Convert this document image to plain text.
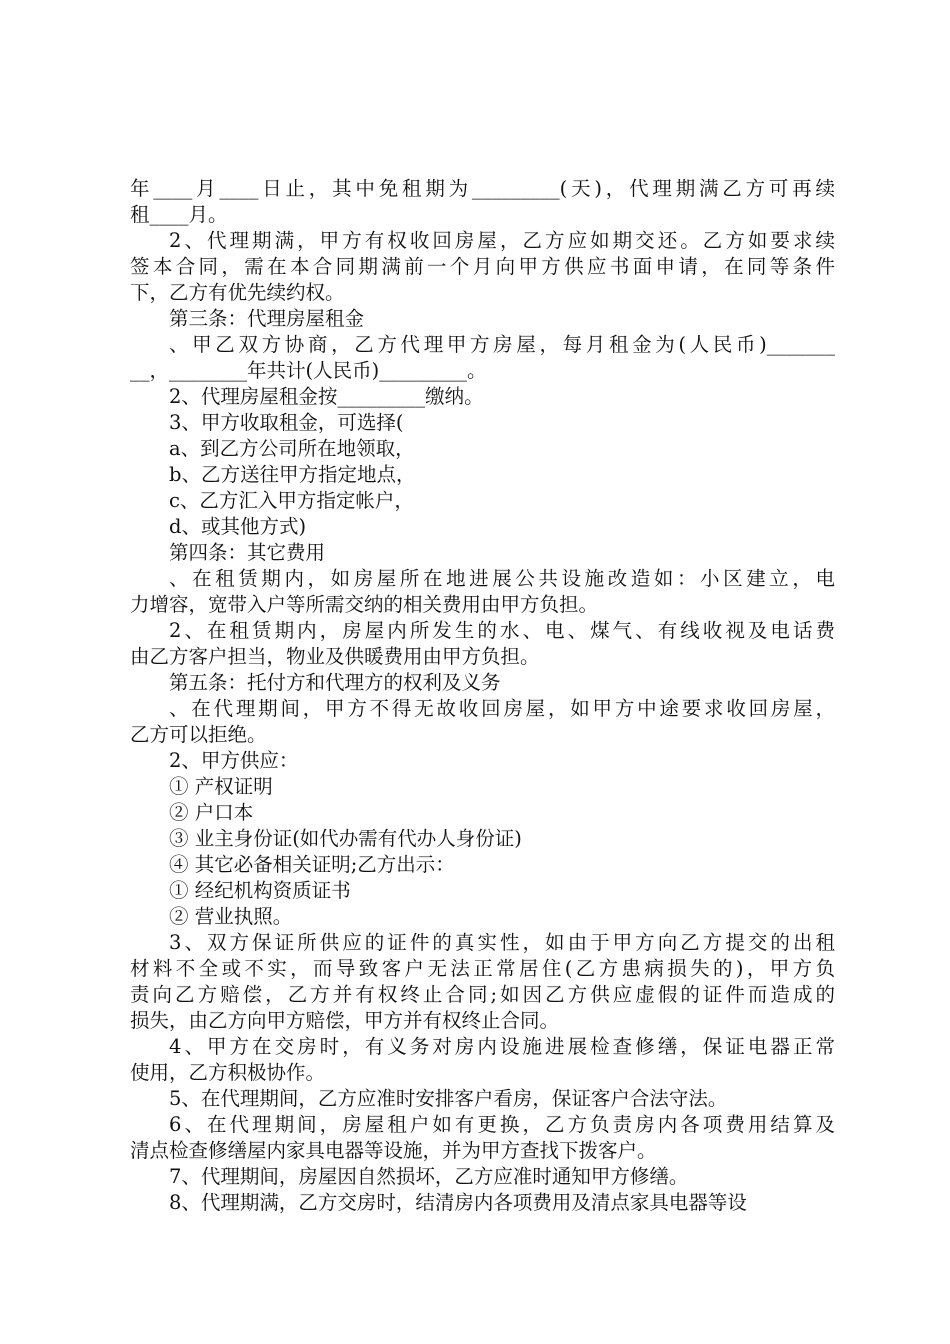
年____月____日止，其中免租期为_________(天)，代理期满乙方可再续
租____月。
2、代理期满，甲方有权收回房屋，乙方应如期交还。乙方如要求续
签本合同，需在本合同期满前一个月向甲方供应书面申请，在同等条件
下，乙方有优先续约权。
第三条：代理房屋租金
、甲乙双方协商，乙方代理甲方房屋，每月租金为(人民币)_______
__，________年共计(人民币)_________。
2、代理房屋租金按_________缴纳。
3、甲方收取租金，可选择(
a、到乙方公司所在地领取，
b、乙方送往甲方指定地点，
c、乙方汇入甲方指定帐户，
d、或其他方式)
第四条：其它费用
、在租赁期内，如房屋所在地进展公共设施改造如：小区建立，电
力增容，宽带入户等所需交纳的相关费用由甲方负担。
2、在租赁期内，房屋内所发生的水、电、煤气、有线收视及电话费
由乙方客户担当，物业及供暖费用由甲方负担。
第五条：托付方和代理方的权利及义务
、在代理期间，甲方不得无故收回房屋，如甲方中途要求收回房屋，
乙方可以拒绝。
2、甲方供应：
① 产权证明
② 户口本
③ 业主身份证(如代办需有代办人身份证)
④ 其它必备相关证明;乙方出示：
① 经纪机构资质证书
② 营业执照。
3、双方保证所供应的证件的真实性，如由于甲方向乙方提交的出租
材料不全或不实，而导致客户无法正常居住(乙方患病损失的)，甲方负
责向乙方赔偿，乙方并有权终止合同;如因乙方供应虚假的证件而造成的
损失，由乙方向甲方赔偿，甲方并有权终止合同。
4、甲方在交房时，有义务对房内设施进展检查修缮，保证电器正常
使用，乙方积极协作。
5、在代理期间，乙方应准时安排客户看房，保证客户合法守法。
6、在代理期间，房屋租户如有更换，乙方负责房内各项费用结算及
清点检查修缮屋内家具电器等设施，并为甲方查找下拨客户。
7、代理期间，房屋因自然损坏，乙方应准时通知甲方修缮。
8、代理期满，乙方交房时，结清房内各项费用及清点家具电器等设
